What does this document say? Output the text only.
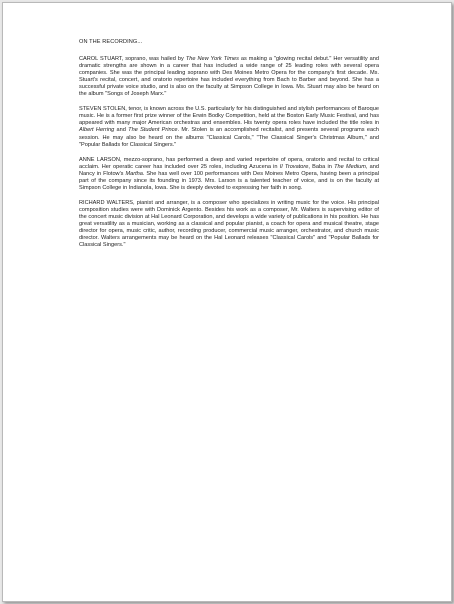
ON THE RECORDING...

CAROL STUART, soprano, was hailed by The New York Times as making a "glowing recital debut." Her versatility and dramatic strengths are shown in a career that has included a wide range of 25 leading roles with several opera companies. She was the principal leading soprano with Des Moines Metro Opera for the company's first decade. Ms. Stuart's recital, concert, and oratorio repertoire has included everything from Bach to Barber and beyond. She has a successful private voice studio, and is also on the faculty at Simpson College in Iowa. Ms. Stuart may also be heard on the album "Songs of Joseph Marx."

STEVEN STOLEN, tenor, is known across the U.S. particularly for his distinguished and stylish performances of Baroque music. He is a former first prize winner of the Erwin Bodky Competition, held at the Boston Early Music Festival, and has appeared with many major American orchestras and ensembles. His twenty opera roles have included the title roles in Albert Herring and The Student Prince. Mr. Stolen is an accomplished recitalist, and presents several programs each session. He may also be heard on the albums "Classical Carols," "The Classical Singer's Christmas Album," and "Popular Ballads for Classical Singers."

ANNE LARSON, mezzo-soprano, has performed a deep and varied repertoire of opera, oratorio and recital to critical acclaim. Her operatic career has included over 25 roles, including Azucena in Il Trovatore, Baba in The Medium, and Nancy in Flotow's Martha. She has well over 100 performances with Des Moines Metro Opera, having been a principal part of the company since its founding in 1973. Mrs. Larson is a talented teacher of voice, and is on the faculty at Simpson College in Indianola, Iowa. She is deeply devoted to expressing her faith in song.

RICHARD WALTERS, pianist and arranger, is a composer who specializes in writing music for the voice. His principal composition studies were with Dominick Argento. Besides his work as a composer, Mr. Walters is supervising editor of the concert music division at Hal Leonard Corporation, and develops a wide variety of publications in his position. He has great versatility as a musician, working as a classical and popular pianist, a coach for opera and musical theatre, stage director for opera, music critic, author, recording producer, commercial music arranger, orchestrator, and church music director. Walters arrangements may be heard on the Hal Leonard releases "Classical Carols" and "Popular Ballads for Classical Singers."
